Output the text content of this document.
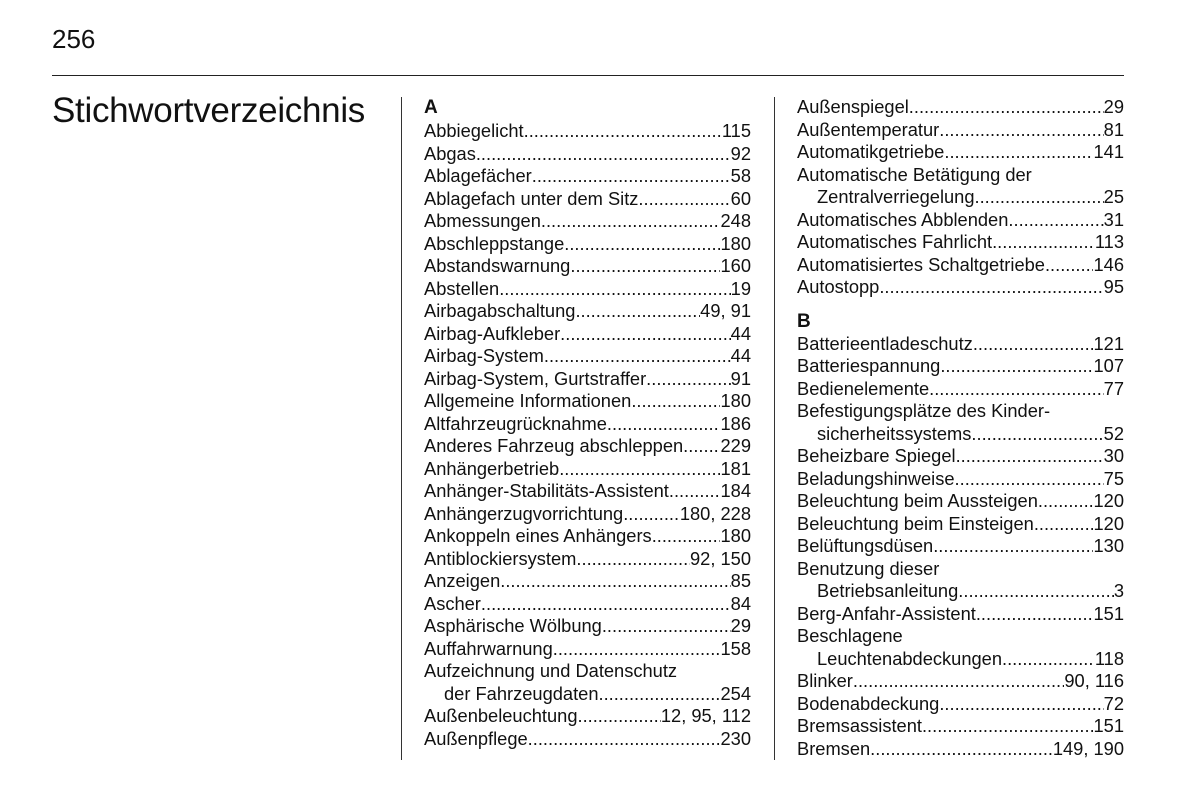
256
Stichwortverzeichnis	A
Abbiegelicht .....	115
Abgas .....	92
Ablagefächer .....	58
Ablagefach unter dem Sitz .....	60
Abmessungen .....	248
Abschleppstange .....	180
Abstandswarnung .....	160
Abstellen .....	19
Airbagabschaltung .....	49, 91
Airbag-Aufkleber .....	44
Airbag-System .....	44
Airbag-System, Gurtstraffer .....	91
Allgemeine Informationen .....	180
Altfahrzeugrücknahme .....	186
Anderes Fahrzeug abschleppen ..... 229
Anhängerbetrieb .....	181
Anhänger-Stabilitäts-Assistent .....	184
Anhängerzugvorrichtung .....	180, 228
Ankoppeln eines Anhängers .....	180
Antiblockiersystem .....	92, 150
Anzeigen .....	85
Ascher .....	84
Asphärische Wölbung .....	29
Auffahrwarnung .....	158
Aufzeichnung und Datenschutz
der Fahrzeugdaten .....	254
Außenbeleuchtung .....	12, 95, 112
Außenpflege .....	230
Außenspiegel .....	29
Außentemperatur .....	81
Automatikgetriebe .....	141
Automatische Betätigung der
Zentralverriegelung .....	25
Automatisches Abblenden .....	31
Automatisches Fahrlicht .....	113
Automatisiertes Schaltgetriebe .....	146
Autostopp .....	95
B
Batterieentladeschutz .....	121
Batteriespannung .....	107
Bedienelemente .....	77
Befestigungsplätze des Kinder-
sicherheitssystems .....	52
Beheizbare Spiegel .....	30
Beladungshinweise .....	75
Beleuchtung beim Aussteigen .....	120
Beleuchtung beim Einsteigen .....	120
Belüftungsdüsen .....	130
Benutzung dieser
Betriebsanleitung .....	3
Berg-Anfahr-Assistent .....	151
Beschlagene
Leuchtenabdeckungen .....	118
Blinker .....	90, 116
Bodenabdeckung .....	72
Bremsassistent .....	151
Bremsen .....	149, 190
